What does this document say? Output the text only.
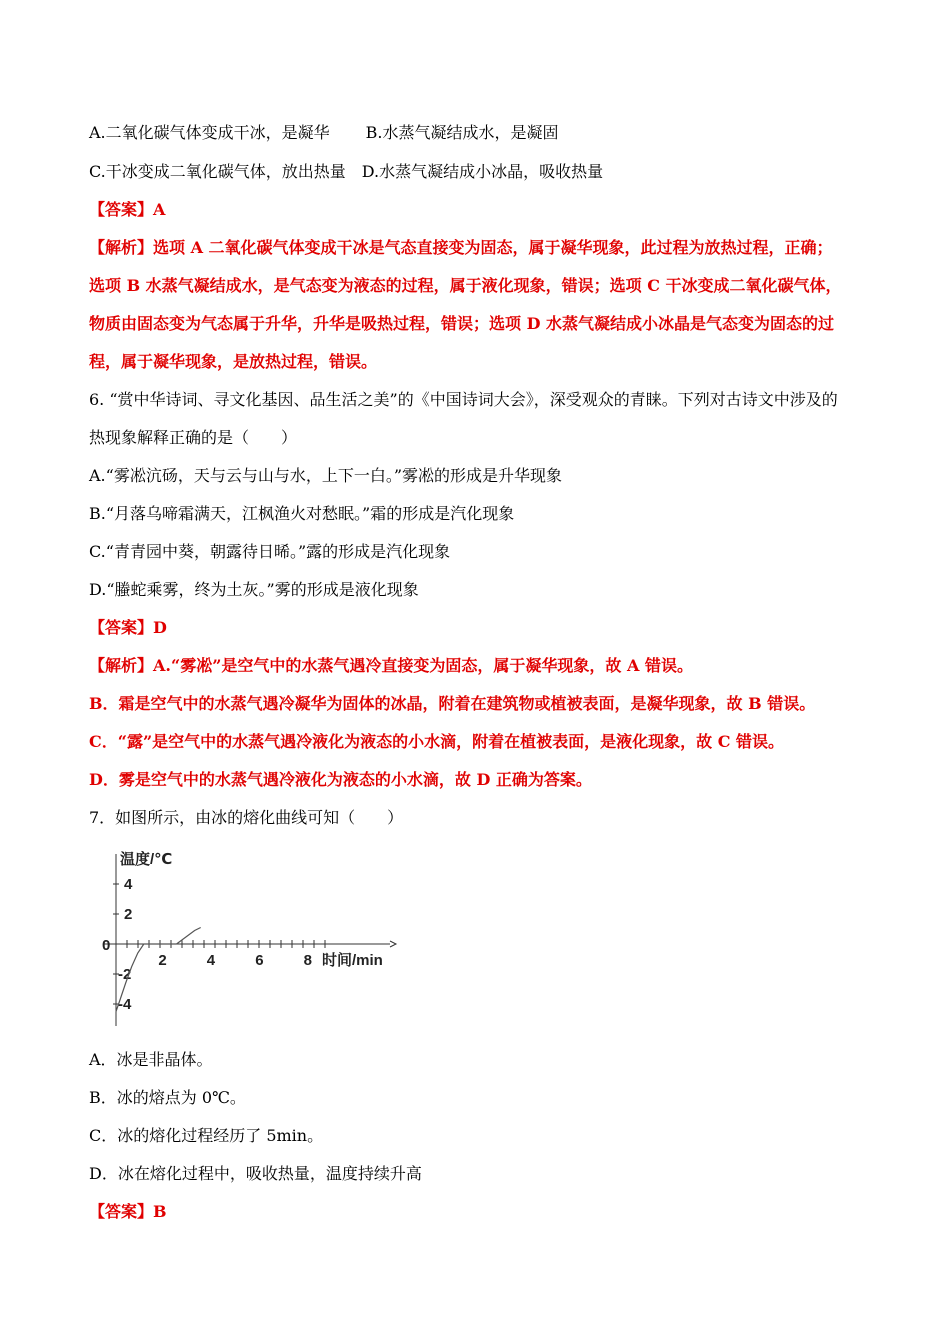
A.二氧化碳气体变成干冰，是凝华 B.水蒸气凝结成水，是凝固
C.干冰变成二氧化碳气体，放出热量 D.水蒸气凝结成小冰晶，吸收热量
【答案】A
【解析】选项 A 二氧化碳气体变成干冰是气态直接变为固态，属于凝华现象，此过程为放热过程，正确；
选项 B 水蒸气凝结成水，是气态变为液态的过程，属于液化现象，错误；选项 C 干冰变成二氧化碳气体，
物质由固态变为气态属于升华，升华是吸热过程，错误；选项 D 水蒸气凝结成小冰晶是气态变为固态的过
程，属于凝华现象，是放热过程，错误。
6. “赏中华诗词、寻文化基因、品生活之美”的《中国诗词大会》，深受观众的青睐。下列对古诗文中涉及的
热现象解释正确的是（　　）
A.“雾凇沆砀，天与云与山与水，上下一白。”雾凇的形成是升华现象
B.“月落乌啼霜满天，江枫渔火对愁眠。”霜的形成是汽化现象
C.“青青园中葵，朝露待日晞。”露的形成是汽化现象
D.“螣蛇乘雾，终为土灰。”雾的形成是液化现象
【答案】D
【解析】A.“雾凇”是空气中的水蒸气遇冷直接变为固态，属于凝华现象，故 A 错误。
B．霜是空气中的水蒸气遇冷凝华为固体的冰晶，附着在建筑物或植被表面，是凝华现象，故 B 错误。
C．“露”是空气中的水蒸气遇冷液化为液态的小水滴，附着在植被表面，是液化现象，故 C 错误。
D．雾是空气中的水蒸气遇冷液化为液态的小水滴，故 D 正确为答案。
7．如图所示，由冰的熔化曲线可知（　　）
2	4	6	8
4
2
0
-2
-4
温度/℃
时间/min
A．冰是非晶体。
B．冰的熔点为 0℃。
C．冰的熔化过程经历了 5min。
D．冰在熔化过程中，吸收热量，温度持续升高
【答案】B
